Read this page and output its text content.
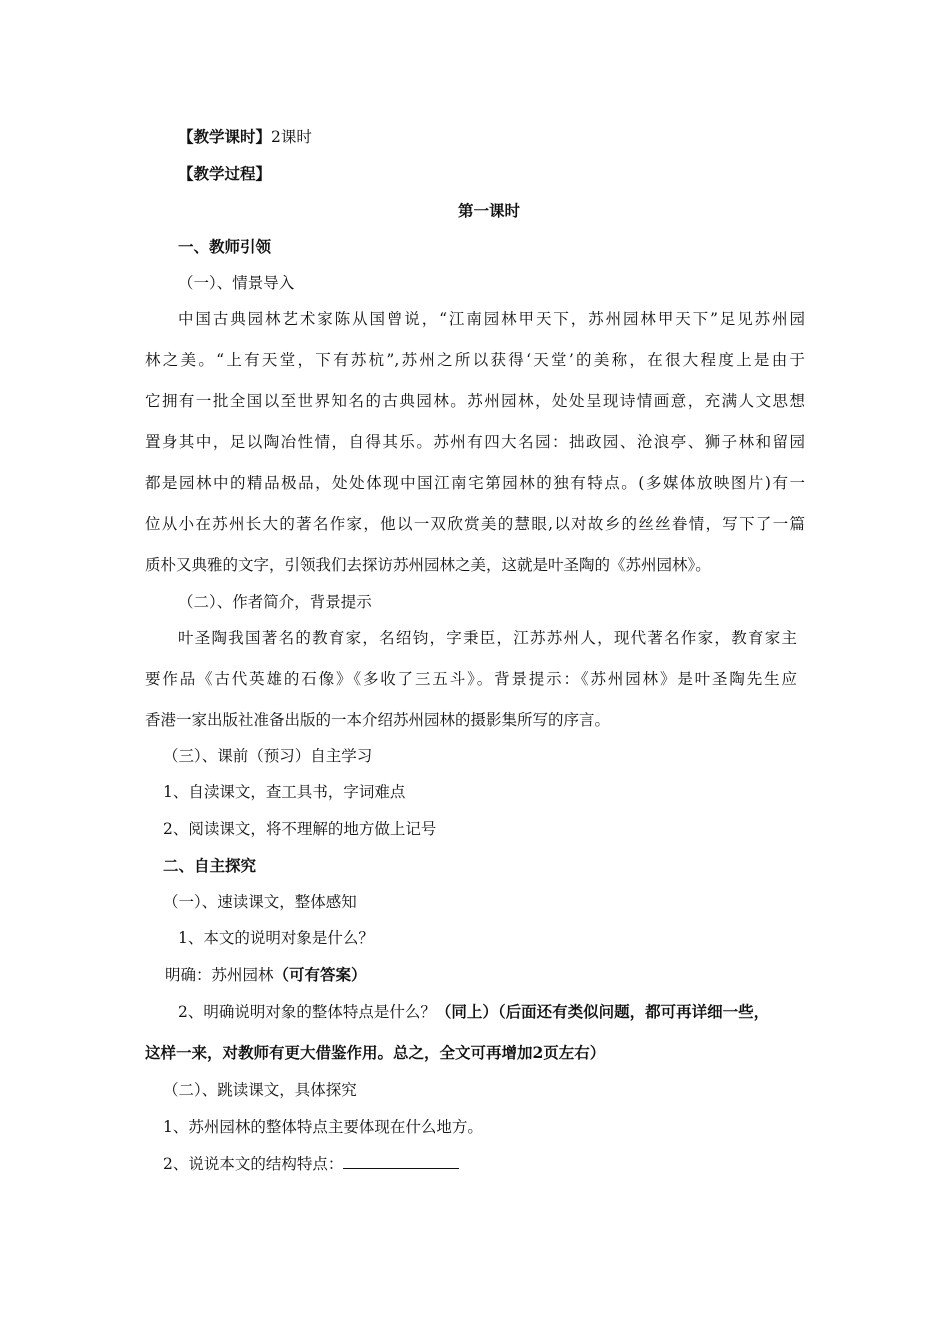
【教学课时】2课时
【教学过程】
第一课时
一、教师引领
（一）、情景导入
中国古典园林艺术家陈从国曾说，“江南园林甲天下，苏州园林甲天下”足见苏州园
林之美。“上有天堂，下有苏杭”,苏州之所以获得‘天堂’的美称，在很大程度上是由于
它拥有一批全国以至世界知名的古典园林。苏州园林，处处呈现诗情画意，充满人文思想
置身其中，足以陶冶性情，自得其乐。苏州有四大名园：拙政园、沧浪亭、狮子林和留园
都是园林中的精品极品，处处体现中国江南宅第园林的独有特点。(多媒体放映图片)有一
位从小在苏州长大的著名作家，他以一双欣赏美的慧眼,以对故乡的丝丝眷情，写下了一篇
质朴又典雅的文字，引领我们去探访苏州园林之美，这就是叶圣陶的《苏州园林》。
（二）、作者简介，背景提示
叶圣陶我国著名的教育家，名绍钧，字秉臣，江苏苏州人，现代著名作家，教育家主
要作品《古代英雄的石像》《多收了三五斗》。背景提示：《苏州园林》是叶圣陶先生应
香港一家出版社准备出版的一本介绍苏州园林的摄影集所写的序言。
（三）、课前（预习）自主学习
1、自渎课文，查工具书，字词难点
2、阅读课文，将不理解的地方做上记号
二、自主探究
（一）、速读课文，整体感知
1、本文的说明对象是什么？
明确：苏州园林（可有答案）
2、明确说明对象的整体特点是什么？（同上）（后面还有类似问题，都可再详细一些，
这样一来，对教师有更大借鉴作用。总之，全文可再增加2页左右）
（二）、跳读课文，具体探究
1、苏州园林的整体特点主要体现在什么地方。
2、说说本文的结构特点：
